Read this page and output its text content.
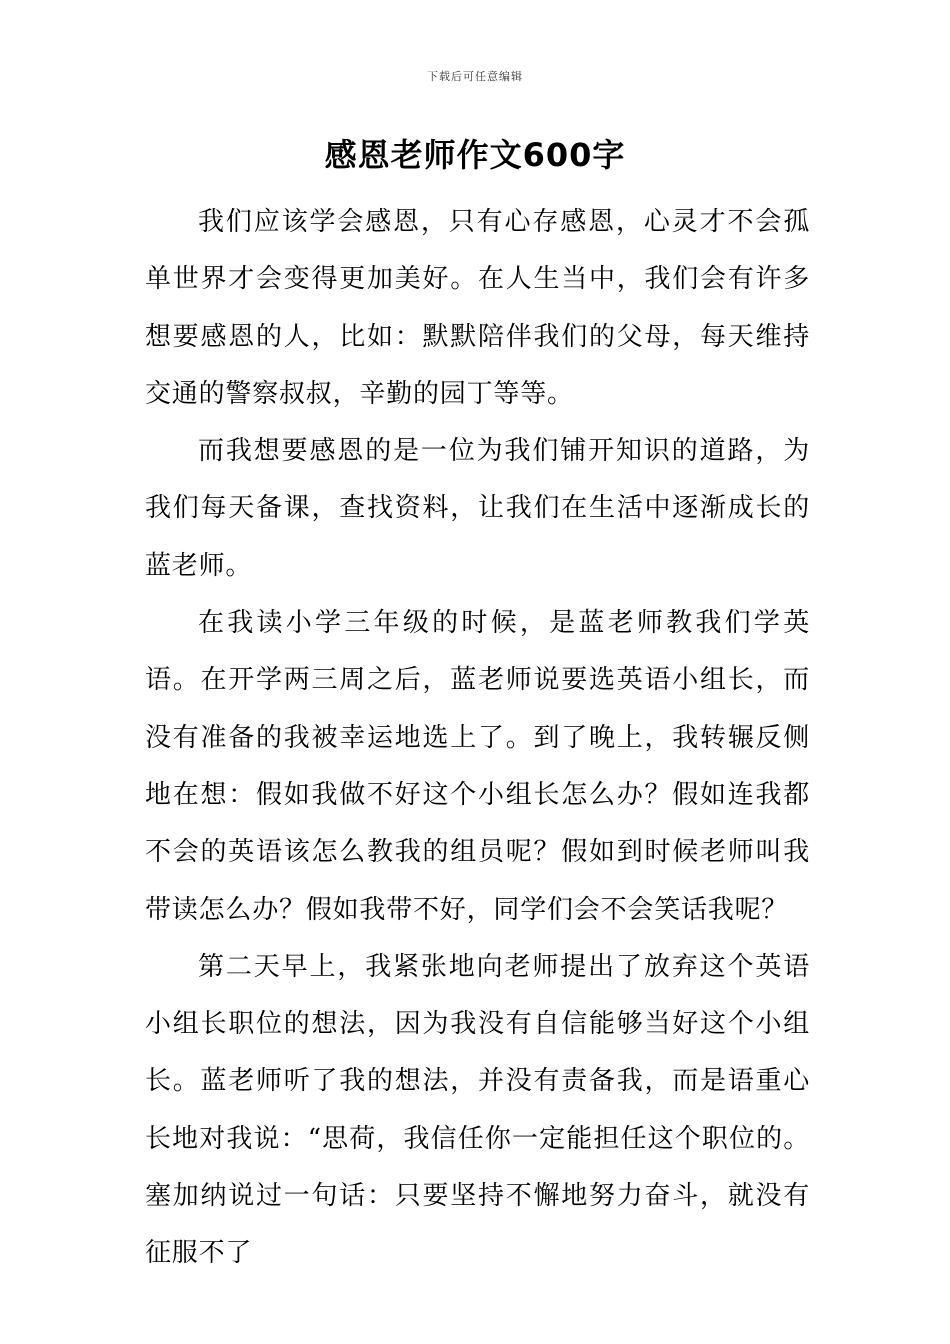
下载后可任意编辑
感恩老师作文600字

我们应该学会感恩，只有心存感恩，心灵才不会孤单世界才会变得更加美好。在人生当中，我们会有许多想要感恩的人，比如：默默陪伴我们的父母，每天维持交通的警察叔叔，辛勤的园丁等等。

而我想要感恩的是一位为我们铺开知识的道路，为我们每天备课，查找资料，让我们在生活中逐渐成长的蓝老师。

在我读小学三年级的时候，是蓝老师教我们学英语。在开学两三周之后，蓝老师说要选英语小组长，而没有准备的我被幸运地选上了。到了晚上，我转辗反侧地在想：假如我做不好这个小组长怎么办？假如连我都不会的英语该怎么教我的组员呢？假如到时候老师叫我带读怎么办？假如我带不好，同学们会不会笑话我呢？

第二天早上，我紧张地向老师提出了放弃这个英语小组长职位的想法，因为我没有自信能够当好这个小组长。蓝老师听了我的想法，并没有责备我，而是语重心长地对我说：“思荷，我信任你一定能担任这个职位的。塞加纳说过一句话：只要坚持不懈地努力奋斗，就没有征服不了
